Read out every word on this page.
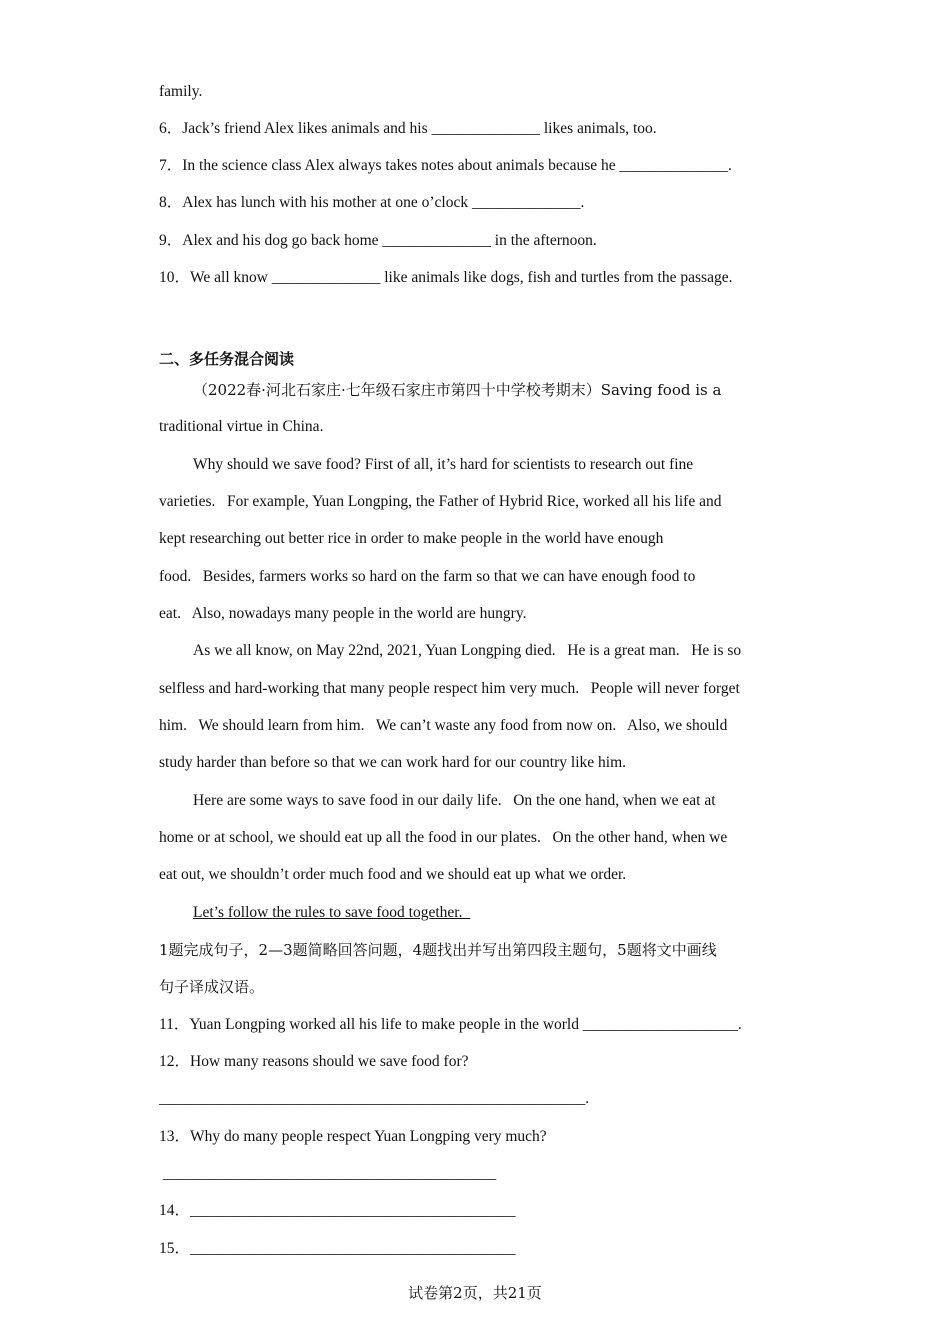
family.
6．Jack’s friend Alex likes animals and his ______________ likes animals, too.
7．In the science class Alex always takes notes about animals because he ______________.
8．Alex has lunch with his mother at one o’clock ______________.
9．Alex and his dog go back home ______________ in the afternoon.
10．We all know ______________ like animals like dogs, fish and turtles from the passage.
二、多任务混合阅读
（2022春·河北石家庄·七年级石家庄市第四十中学校考期末）Saving food is a
traditional virtue in China.
Why should we save food? First of all, it’s hard for scientists to research out fine
varieties.   For example, Yuan Longping, the Father of Hybrid Rice, worked all his life and
kept researching out better rice in order to make people in the world have enough
food.   Besides, farmers works so hard on the farm so that we can have enough food to
eat.   Also, nowadays many people in the world are hungry.
As we all know, on May 22nd, 2021, Yuan Longping died.   He is a great man.   He is so
selfless and hard-working that many people respect him very much.   People will never forget
him.   We should learn from him.   We can’t waste any food from now on.   Also, we should
study harder than before so that we can work hard for our country like him.
Here are some ways to save food in our daily life.   On the one hand, when we eat at
home or at school, we should eat up all the food in our plates.   On the other hand, when we
eat out, we shouldn’t order much food and we should eat up what we order.
Let’s follow the rules to save food together.
1题完成句子，2—3题简略回答问题，4题找出并写出第四段主题句，5题将文中画线
句子译成汉语。
11．Yuan Longping worked all his life to make people in the world ____________________.
12．How many reasons should we save food for?
_______________________________________________________.
13．Why do many people respect Yuan Longping very much?
___________________________________________
14．__________________________________________
15．__________________________________________
试卷第2页，共21页
